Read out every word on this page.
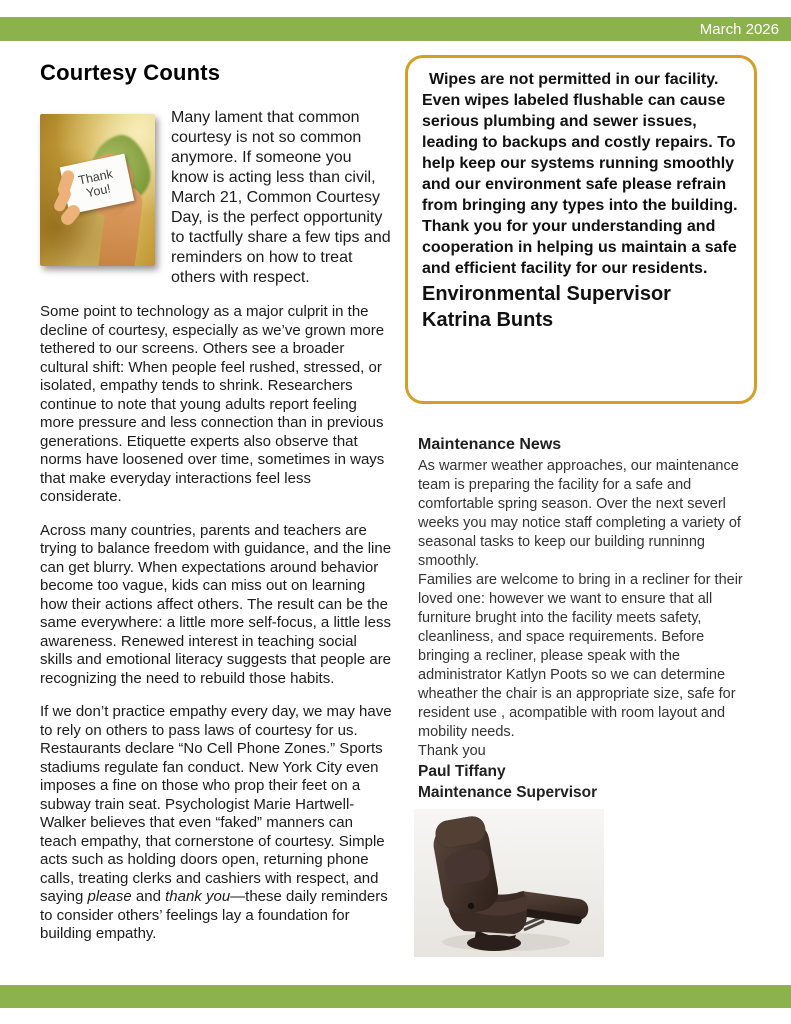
March 2026
Courtesy Counts
Thank You!

Many lament that common courtesy is not so common anymore. If someone you know is acting less than civil, March 21, Common Courtesy Day, is the perfect opportunity to tactfully share a few tips and reminders on how to treat others with respect.

Some point to technology as a major culprit in the decline of courtesy, especially as we’ve grown more tethered to our screens. Others see a broader cultural shift: When people feel rushed, stressed, or isolated, empathy tends to shrink. Researchers continue to note that young adults report feeling more pressure and less connection than in previous generations. Etiquette experts also observe that norms have loosened over time, sometimes in ways that make everyday interactions feel less considerate.

Across many countries, parents and teachers are trying to balance freedom with guidance, and the line can get blurry. When expectations around behavior become too vague, kids can miss out on learning how their actions affect others. The result can be the same everywhere: a little more self-focus, a little less awareness. Renewed interest in teaching social skills and emotional literacy suggests that people are recognizing the need to rebuild those habits.

If we don’t practice empathy every day, we may have to rely on others to pass laws of courtesy for us. Restaurants declare “No Cell Phone Zones.” Sports stadiums regulate fan conduct. New York City even imposes a fine on those who prop their feet on a subway train seat. Psychologist Marie Hartwell-Walker believes that even “faked” manners can teach empathy, that cornerstone of courtesy. Simple acts such as holding doors open, returning phone calls, treating clerks and cashiers with respect, and saying please and thank you—these daily reminders to consider others’ feelings lay a foundation for building empathy.

Wipes are not permitted in our facility. Even wipes labeled flushable can cause serious plumbing and sewer issues, leading to backups and costly repairs. To help keep our systems running smoothly and our environment safe please refrain from bringing any types into the building. Thank you for your understanding and cooperation in helping us maintain a safe and efficient facility for our residents.

Environmental Supervisor
Katrina Bunts

Maintenance News

As warmer weather approaches, our maintenance team is preparing the facility for a safe and comfortable spring season. Over the next severl weeks you may notice staff completing a variety of seasonal tasks to keep our building runninng smoothly.

Families are welcome to bring in a recliner for their loved one: however we want to ensure that all furniture brught into the facility meets safety, cleanliness, and space requirements. Before bringing a recliner, please speak with the administrator Katlyn Poots so we can determine wheather the chair is an appropriate size, safe for resident use , acompatible with room layout and mobility needs.

Thank you

Paul Tiffany
Maintenance Supervisor
